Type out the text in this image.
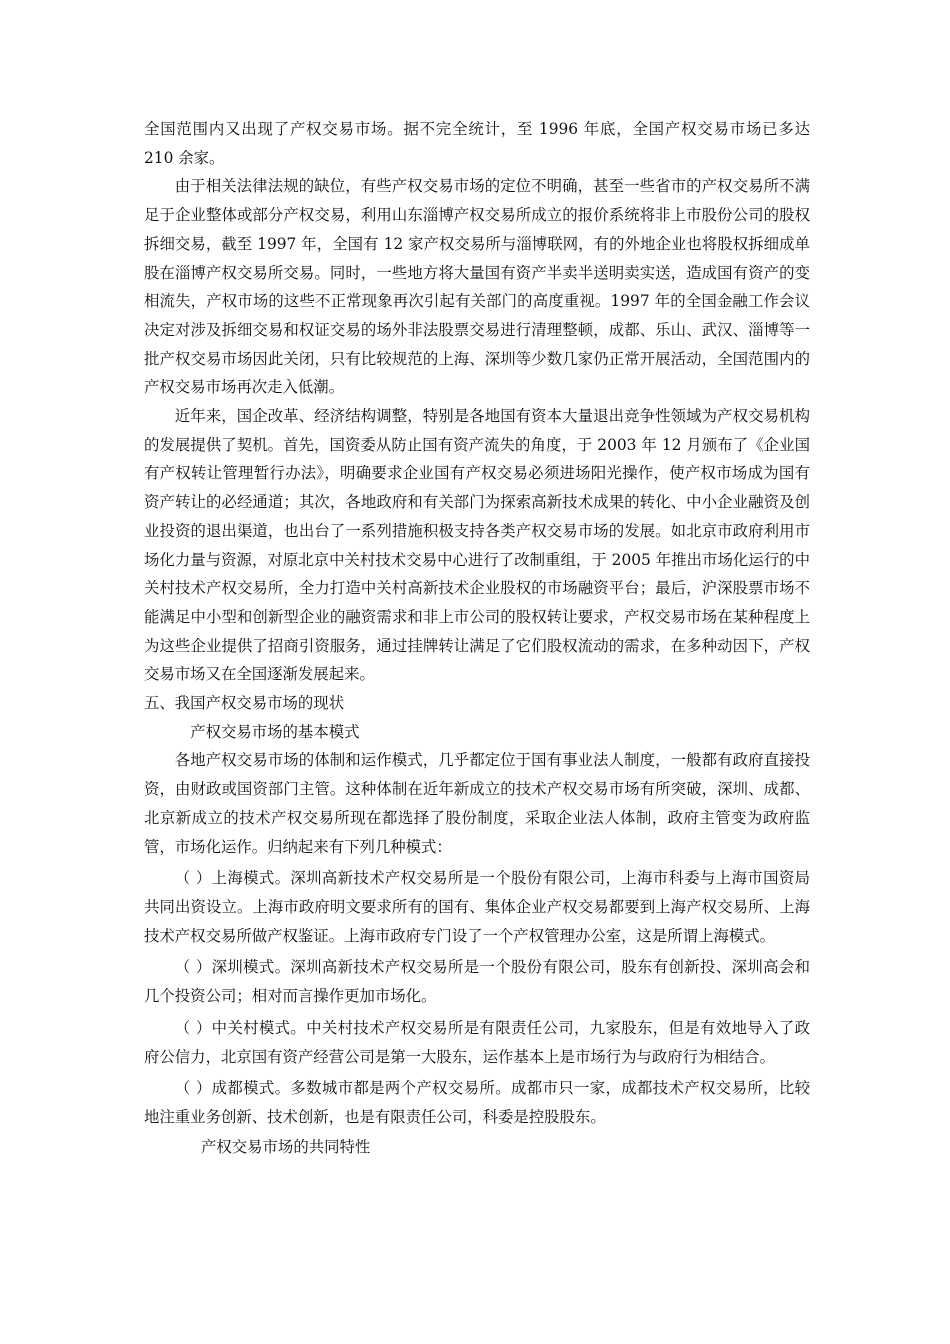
全国范围内又出现了产权交易市场。据不完全统计，至 1996 年底，全国产权交易市场已多达 210 余家。

由于相关法律法规的缺位，有些产权交易市场的定位不明确，甚至一些省市的产权交易所不满足于企业整体或部分产权交易，利用山东淄博产权交易所成立的报价系统将非上市股份公司的股权拆细交易，截至 1997 年，全国有 12 家产权交易所与淄博联网，有的外地企业也将股权拆细成单股在淄博产权交易所交易。同时，一些地方将大量国有资产半卖半送明卖实送，造成国有资产的变相流失，产权市场的这些不正常现象再次引起有关部门的高度重视。1997 年的全国金融工作会议决定对涉及拆细交易和权证交易的场外非法股票交易进行清理整顿，成都、乐山、武汉、淄博等一批产权交易市场因此关闭，只有比较规范的上海、深圳等少数几家仍正常开展活动，全国范围内的产权交易市场再次走入低潮。

近年来，国企改革、经济结构调整，特别是各地国有资本大量退出竞争性领域为产权交易机构的发展提供了契机。首先，国资委从防止国有资产流失的角度，于 2003 年 12 月颁布了《企业国有产权转让管理暂行办法》，明确要求企业国有产权交易必须进场阳光操作，使产权市场成为国有资产转让的必经通道；其次，各地政府和有关部门为探索高新技术成果的转化、中小企业融资及创业投资的退出渠道，也出台了一系列措施积极支持各类产权交易市场的发展。如北京市政府利用市场化力量与资源，对原北京中关村技术交易中心进行了改制重组，于 2005 年推出市场化运行的中关村技术产权交易所，全力打造中关村高新技术企业股权的市场融资平台；最后，沪深股票市场不能满足中小型和创新型企业的融资需求和非上市公司的股权转让要求，产权交易市场在某种程度上为这些企业提供了招商引资服务，通过挂牌转让满足了它们股权流动的需求，在多种动因下，产权交易市场又在全国逐渐发展起来。

五、我国产权交易市场的现状

产权交易市场的基本模式

各地产权交易市场的体制和运作模式，几乎都定位于国有事业法人制度，一般都有政府直接投资，由财政或国资部门主管。这种体制在近年新成立的技术产权交易市场有所突破，深圳、成都、北京新成立的技术产权交易所现在都选择了股份制度，采取企业法人体制，政府主管变为政府监管，市场化运作。归纳起来有下列几种模式：

（ ）上海模式。深圳高新技术产权交易所是一个股份有限公司，上海市科委与上海市国资局共同出资设立。上海市政府明文要求所有的国有、集体企业产权交易都要到上海产权交易所、上海技术产权交易所做产权鉴证。上海市政府专门设了一个产权管理办公室，这是所谓上海模式。

（ ）深圳模式。深圳高新技术产权交易所是一个股份有限公司，股东有创新投、深圳高会和几个投资公司；相对而言操作更加市场化。

（ ）中关村模式。中关村技术产权交易所是有限责任公司，九家股东，但是有效地导入了政府公信力，北京国有资产经营公司是第一大股东，运作基本上是市场行为与政府行为相结合。

（ ）成都模式。多数城市都是两个产权交易所。成都市只一家，成都技术产权交易所，比较地注重业务创新、技术创新，也是有限责任公司，科委是控股股东。

产权交易市场的共同特性
